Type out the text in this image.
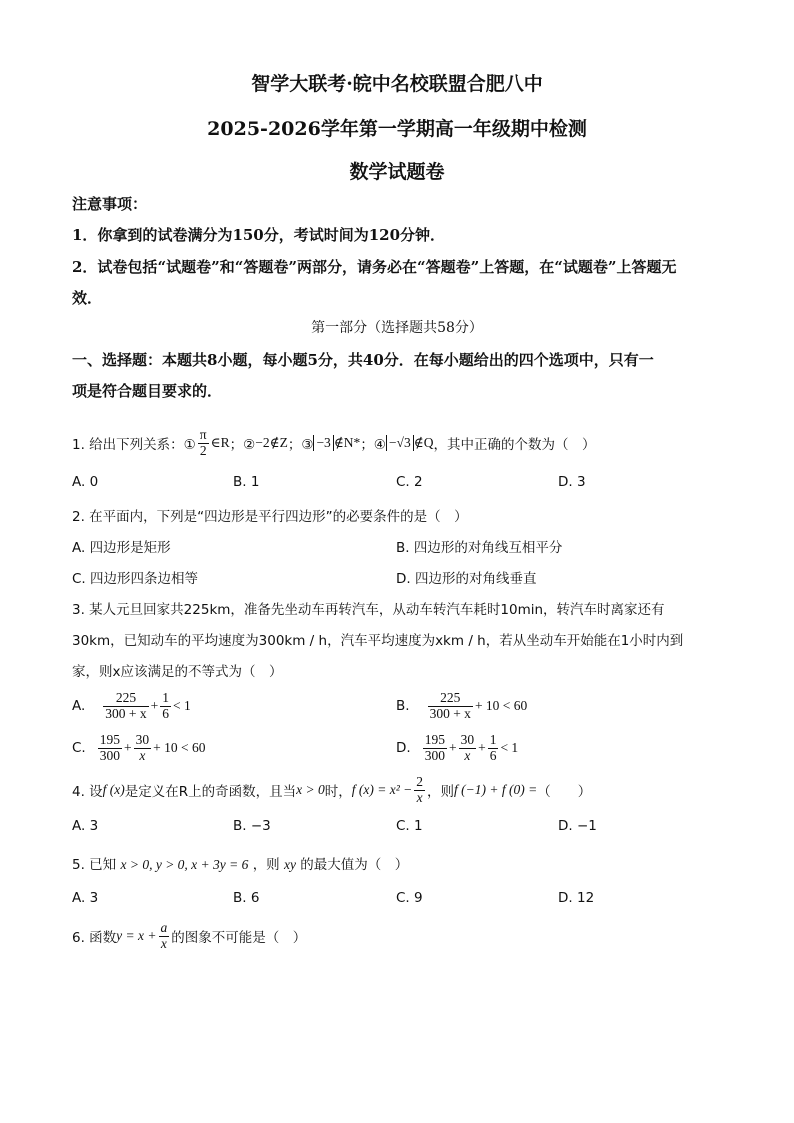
智学大联考·皖中名校联盟合肥八中
2025-2026学年第一学期高一年级期中检测
数学试题卷
注意事项：
1．你拿到的试卷满分为150分，考试时间为120分钟．
2．试卷包括“试题卷”和“答题卷”两部分，请务必在“答题卷”上答题，在“试题卷”上答题无
效．
第一部分（选择题共58分）
一、选择题：本题共8小题，每小题5分，共40分．在每小题给出的四个选项中，只有一
项是符合题目要求的．
1. 给出下列关系：① $\frac{\pi}{2}$ ∈R ；② −2∉Z ；③ −3 ∉N* ；④ −√3 ∉Q ，其中正确的个数为（　）
A. 0	B. 1	C. 2	D. 3
2. 在平面内，下列是“四边形是平行四边形”的必要条件的是（　）
A. 四边形是矩形	B. 四边形的对角线互相平分
C. 四边形四条边相等	D. 四边形的对角线垂直
3. 某人元旦回家共225km，准备先坐动车再转汽车，从动车转汽车耗时10min，转汽车时离家还有
30km，已知动车的平均速度为300km / h，汽车平均速度为xkm / h，若从坐动车开始能在1小时内到
家，则x应该满足的不等式为（　）
A. $\frac{225}{300 + x} + \frac{1}{6} < 1$	B. $\frac{225}{300 + x} + 10 < 60$
C. $\frac{195}{300} + \frac{30}{x} + 10 < 60$	D. $\frac{195}{300} + \frac{30}{x} + \frac{1}{6} < 1$
4. 设 f (x) 是定义在R上的奇函数，且当 x > 0 时， f $(x) = x^2 - \frac{2}{x}$ ，则 f (−1) + f (0) = （　　）
A. 3	B. −3	C. 1	D. −1
5. 已知 x > 0, y > 0, x + 3y = 6 ，则 xy 的最大值为（　）
A. 3	B. 6	C. 9	D. 12
6. 函数 $y = x + \frac{a}{x}$ 的图象不可能是（　）
